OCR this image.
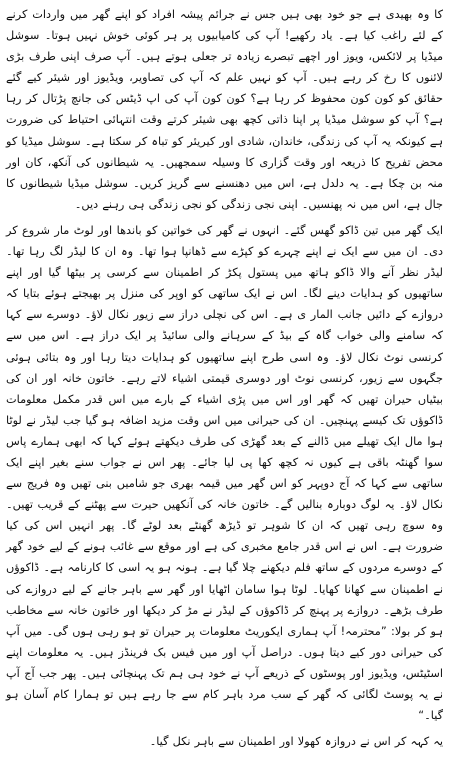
کا وہ بھیدی ہے جو خود بھی ہیں جس نے جرائم پیشہ افراد کو اپنے گھر میں واردات کرنے کے لئے راغب کیا ہے۔ یاد رکھیے! آپ کی کامیابیوں پر ہر کوئی خوش نہیں ہوتا۔ سوشل میڈیا پر لائکس، ویوز اور اچھے تبصرے زیادہ تر جعلی ہوتے ہیں۔ آپ صرف اپنی طرف بڑی لائنوں کا رخ کر رہے ہیں۔ آپ کو نہیں علم کہ آپ کی تصاویر، ویڈیوز اور شیئر کیے گئے حقائق کو کون کون محفوظ کر رہا ہے؟ کون کون آپ کی اپ ڈیٹس کی جانچ پڑتال کر رہا ہے؟ آپ کو سوشل میڈیا پر اپنا ذاتی کچھ بھی شیئر کرتے وقت انتہائی احتیاط کی ضرورت ہے کیونکہ یہ آپ کی زندگی، خاندان، شادی اور کیریئر کو تباہ کر سکتا ہے۔ سوشل میڈیا کو محض تفریح کا ذریعہ اور وقت گزاری کا وسیلہ سمجھیں۔ یہ شیطانوں کی آنکھ، کان اور منہ بن چکا ہے۔ یہ دلدل ہے، اس میں دھنسنے سے گریز کریں۔ سوشل میڈیا شیطانوں کا جال ہے، اس میں نہ پھنسیں۔ اپنی نجی زندگی کو نجی زندگی ہی رہنے دیں۔

ایک گھر میں تین ڈاکو گھس گئے۔ انہوں نے گھر کی خواتین کو باندھا اور لوٹ مار شروع کر دی۔ ان میں سے ایک نے اپنے چہرے کو کپڑے سے ڈھانپا ہوا تھا۔ وہ ان کا لیڈر لگ رہا تھا۔ لیڈر نظر آنے والا ڈاکو ہاتھ میں پستول پکڑ کر اطمینان سے کرسی پر بیٹھا گیا اور اپنے ساتھیوں کو ہدایات دینے لگا۔ اس نے ایک ساتھی کو اوپر کی منزل پر بھیجتے ہوئے بتایا کہ دروازے کے دائیں جانب المار ی ہے۔ اس کی نچلی دراز سے زیور نکال لاؤ۔ دوسرے سے کہا کہ سامنے والی خواب گاہ کے بیڈ کے سرہانے والی سائیڈ پر ایک دراز ہے۔ اس میں سے کرنسی نوٹ نکال لاؤ۔ وہ اسی طرح اپنے ساتھیوں کو ہدایات دیتا رہا اور وہ بتائی ہوئی جگہوں سے زیور، کرنسی نوٹ اور دوسری قیمتی اشیاء لاتے رہے۔ خاتون خانہ اور ان کی بیٹیاں حیران تھیں کہ گھر اور اس میں پڑی اشیاء کے بارے میں اس قدر مکمل معلومات ڈاکوؤں تک کیسے پہنچیں۔ ان کی حیرانی میں اس وقت مزید اضافہ ہو گیا جب لیڈر نے لوٹا ہوا مال ایک تھیلے میں ڈالنے کے بعد گھڑی کی طرف دیکھتے ہوئے کہا کہ ابھی ہمارے پاس سوا گھنٹہ باقی ہے کیوں نہ کچھ کھا پی لیا جائے۔ پھر اس نے جواب سنے بغیر اپنے ایک ساتھی سے کہا کہ آج دوپہر کو اس گھر میں قیمہ بھری جو شامیں بنی تھیں وہ فریج سے نکال لاؤ۔ یہ لوگ دوبارہ بنالیں گے۔ خاتون خانہ کی آنکھیں حیرت سے پھٹنے کے قریب تھیں۔ وہ سوچ رہی تھیں کہ ان کا شوہر تو ڈیڑھ گھنٹے بعد لوٹے گا۔ پھر انہیں اس کی کیا ضرورت ہے۔ اس نے اس قدر جامع مخبری کی ہے اور موقع سے غائب ہونے کے لیے خود گھر کے دوسرے مردوں کے ساتھ فلم دیکھنے چلا گیا ہے۔ ہونہ ہو یہ اسی کا کارنامہ ہے۔ ڈاکوؤں نے اطمینان سے کھانا کھایا۔ لوٹا ہوا سامان اٹھایا اور گھر سے باہر جانے کے لیے دروازے کی طرف بڑھے۔ دروازے پر پہنچ کر ڈاکوؤں کے لیڈر نے مڑ کر دیکھا اور خاتون خانہ سے مخاطب ہو کر بولا: ”محترمہ! آپ ہماری ایکوریٹ معلومات پر حیران تو ہو رہی ہوں گی۔ میں آپ کی حیرانی دور کیے دیتا ہوں۔ دراصل آپ اور میں فیس بک فرینڈز ہیں۔ یہ معلومات اپنے اسٹیٹس، ویڈیوز اور پوسٹوں کے ذریعے آپ نے خود ہی ہم تک پہنچائی ہیں۔ پھر جب آج آپ نے یہ پوسٹ لگائی کہ گھر کے سب مرد باہر کام سے جا رہے ہیں تو ہمارا کام آسان ہو گیا۔“

یہ کہہ کر اس نے دروازہ کھولا اور اطمینان سے باہر نکل گیا۔
